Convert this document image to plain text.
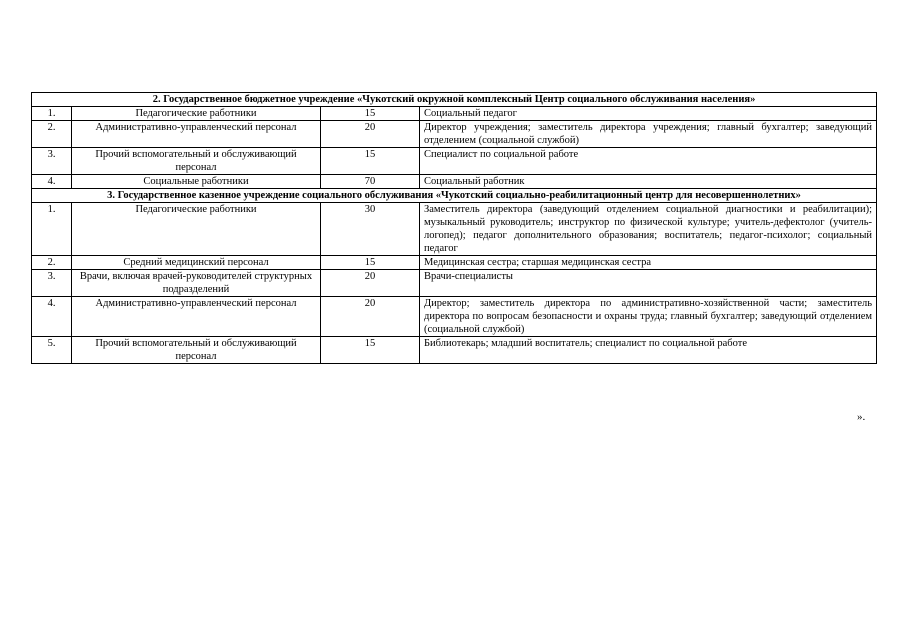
2. Государственное бюджетное учреждение «Чукотский окружной комплексный Центр социального обслуживания населения»			
1.	Педагогические работники	15	Социальный педагог
2.	Административно-управленческий персонал	20	Директор учреждения; заместитель директора учреждения; главный бухгалтер; заведующий отделением (социальной службой)
3.	Прочий вспомогательный и обслуживающий персонал	15	Специалист по социальной работе
4.	Социальные работники	70	Социальный работник
3. Государственное казенное учреждение социального обслуживания «Чукотский социально-реабилитационный центр для несовершеннолетних»			
1.	Педагогические работники	30	Заместитель директора (заведующий отделением социальной диагностики и реабилитации); музыкальный руководитель; инструктор по физической культуре; учитель-дефектолог (учитель-логопед); педагог дополнительного образования; воспитатель; педагог-психолог; социальный педагог
2.	Средний медицинский персонал	15	Медицинская сестра; старшая медицинская сестра
3.	Врачи, включая врачей-руководителей структурных подразделений	20	Врачи-специалисты
4.	Административно-управленческий персонал	20	Директор; заместитель директора по административно-хозяйственной части; заместитель директора по вопросам безопасности и охраны труда; главный бухгалтер; заведующий отделением (социальной службой)
5.	Прочий вспомогательный и обслуживающий персонал	15	Библиотекарь; младший воспитатель; специалист по социальной работе
».
